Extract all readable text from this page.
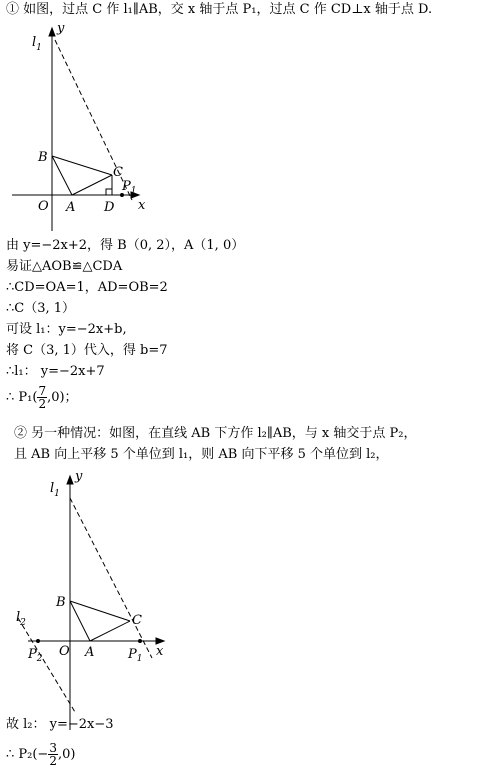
① 如图，过点 C 作 l₁∥AB，交 x 轴于点 P₁，过点 C 作 CD⊥x 轴于点 D.
$l_1$
y
x
B
C
$P_1$
O A D
由 y=−2x+2，得 B（0, 2），A（1, 0）
易证△AOB≌△CDA
∴CD=OA=1，AD=OB=2
∴C（3, 1）
可设 l₁：y=−2x+b,
将 C（3, 1）代入，得 b=7
∴l₁： y=−2x+7
∴ $P_1( \frac{7}{2} ,0)$；
② 另一种情况：如图，在直线 AB 下方作 l₂∥AB，与 x 轴交于点 P₂，
且 AB 向上平移 5 个单位到 l₁，则 AB 向下平移 5 个单位到 l₂，
$l_1$
y
x
B
C
$l_2$
$P_2$ O A	$P_1$
故 l₂： y=−2x−3
∴ $P_2(- \frac{3}{2} ,0)$
